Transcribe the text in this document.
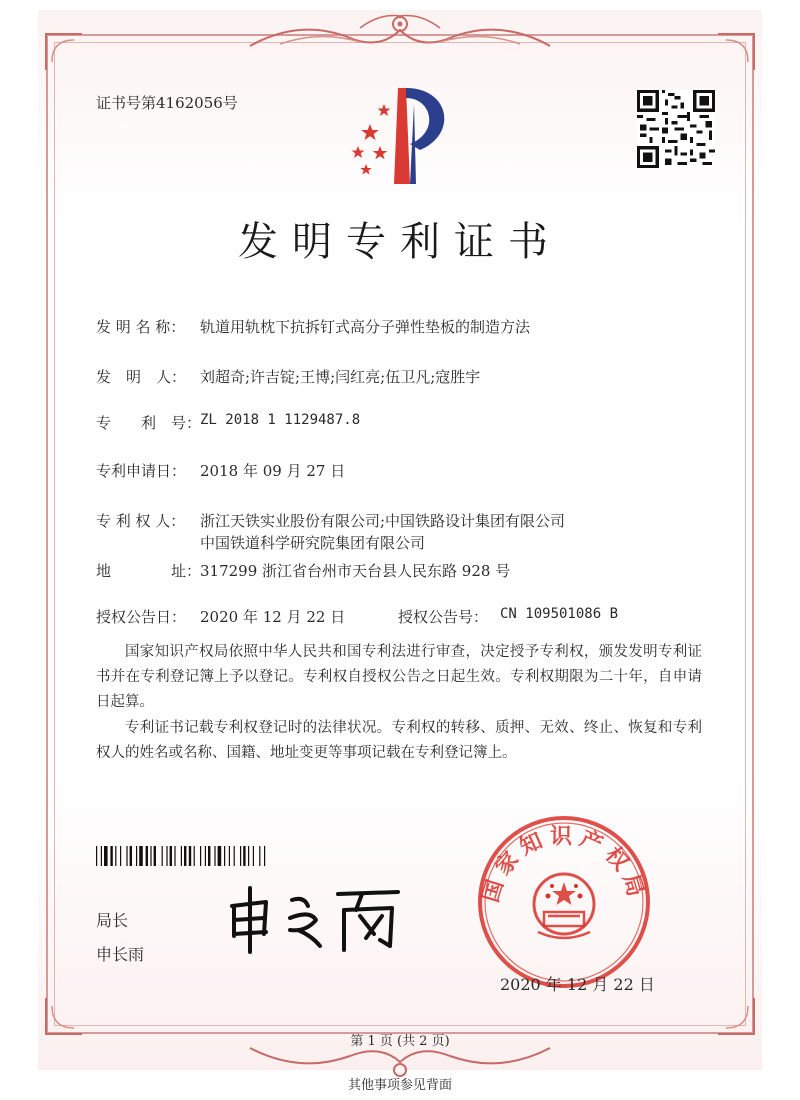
证书号第4162056号
发明专利证书
发 明 名 称： 轨道用轨枕下抗拆钉式高分子弹性垫板的制造方法
发　明　人： 刘超奇;许吉锭;王博;闫红亮;伍卫凡;寇胜宇
专　　利　号：
ZL 2018 1 1129487.8
专利申请日： 2018 年 09 月 27 日
专 利 权 人： 浙江天铁实业股份有限公司;中国铁路设计集团有限公司
中国铁道科学研究院集团有限公司
地　　　　址：
317299 浙江省台州市天台县人民东路 928 号
授权公告日： 2020 年 12 月 22 日	授权公告号： CN 109501086 B
国家知识产权局依照中华人民共和国专利法进行审查，决定授予专利权，颁发发明专利证书并在专利登记簿上予以登记。专利权自授权公告之日起生效。专利权期限为二十年，自申请日起算。
专利证书记载专利权登记时的法律状况。专利权的转移、质押、无效、终止、恢复和专利权人的姓名或名称、国籍、地址变更等事项记载在专利登记簿上。
局长
申长雨
国家知识产权局
2020 年 12 月 22 日
第 1 页 (共 2 页)
其他事项参见背面
